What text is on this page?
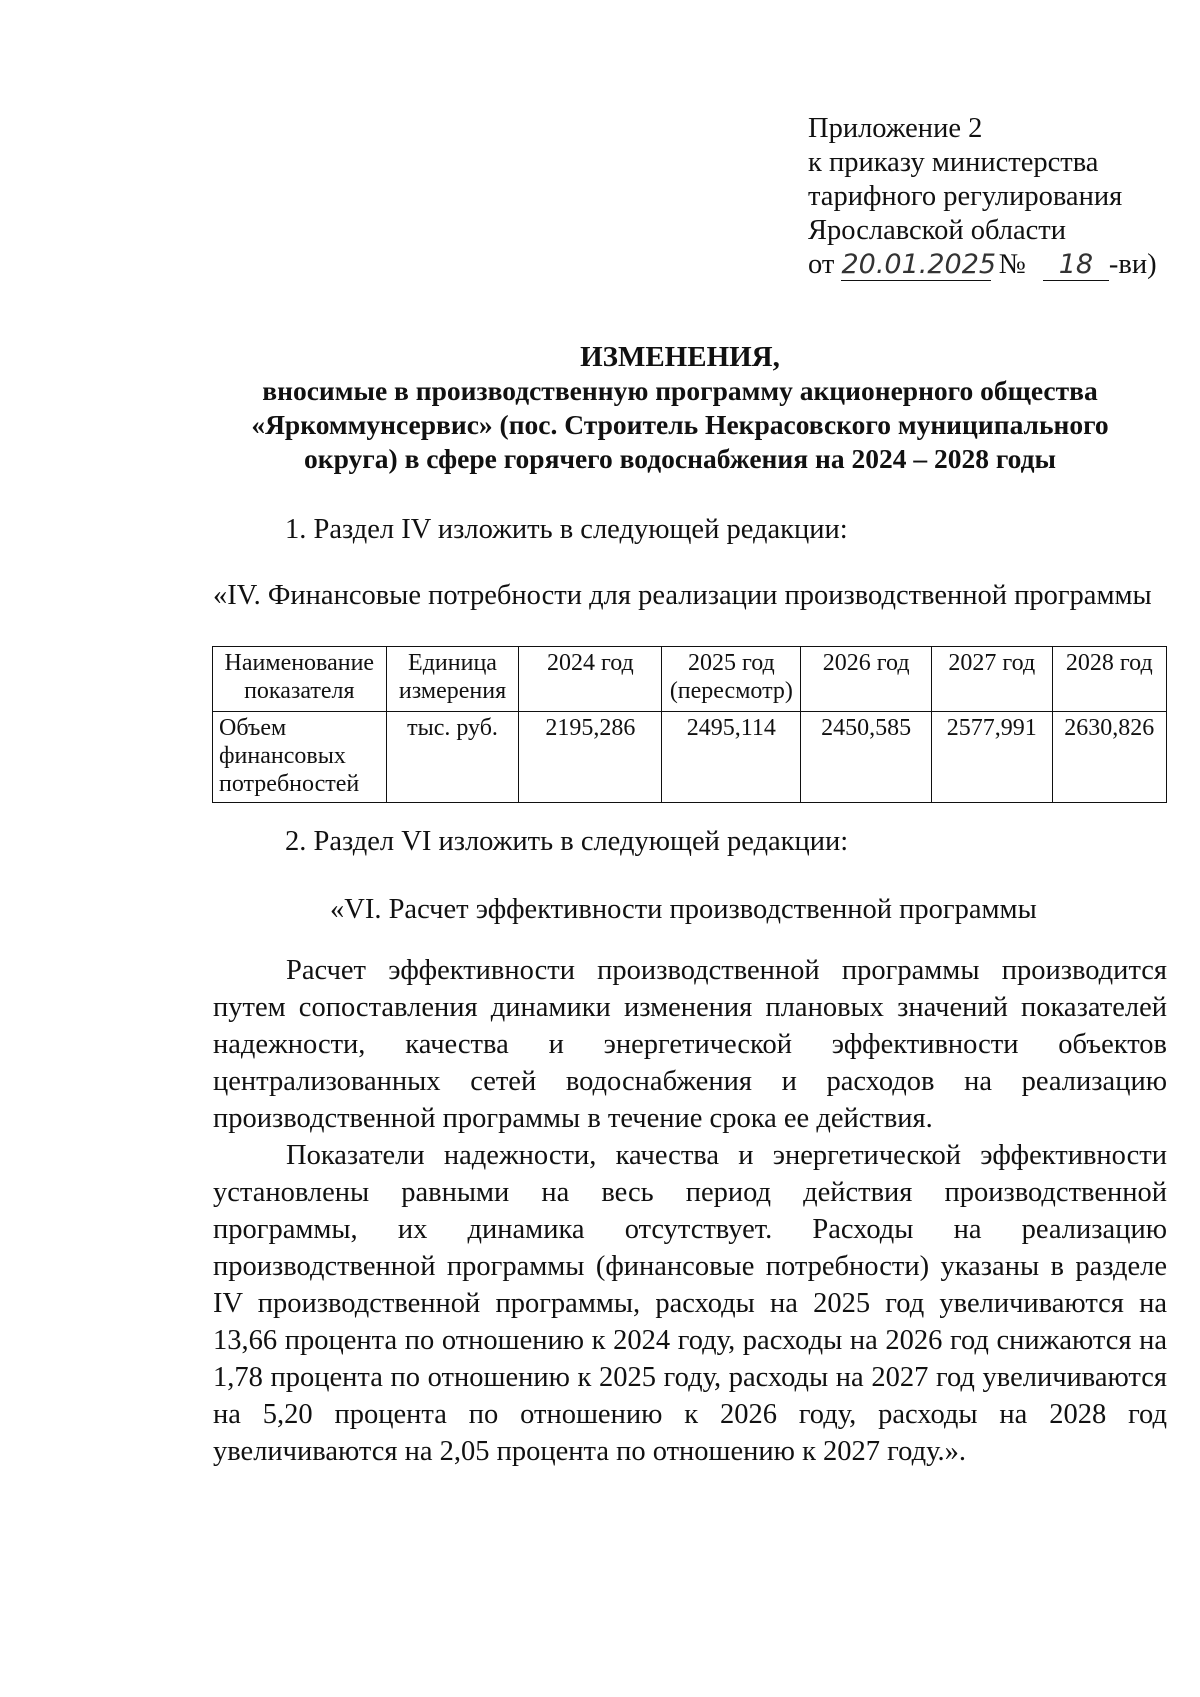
Приложение 2
к приказу министерства
тарифного регулирования
Ярославской области
от 20.01.2025 № 18 -ви)
ИЗМЕНЕНИЯ,
вносимые в производственную программу акционерного общества
«Яркоммунсервис» (пос. Строитель Некрасовского муниципального
округа) в сфере горячего водоснабжения на 2024 – 2028 годы
1. Раздел IV изложить в следующей редакции:
«IV. Финансовые потребности для реализации производственной программы
Наименование показателя	Единица измерения	2024 год	2025 год (пересмотр)	2026 год	2027 год	2028 год
Объем финансовых потребностей	тыс. руб.	2195,286	2495,114	2450,585	2577,991	2630,826
2. Раздел VI изложить в следующей редакции:
«VI. Расчет эффективности производственной программы

Расчет эффективности производственной программы производится путем сопоставления динамики изменения плановых значений показателей надежности, качества и энергетической эффективности объектов централизованных сетей водоснабжения и расходов на реализацию производственной программы в течение срока ее действия.

Показатели надежности, качества и энергетической эффективности установлены равными на весь период действия производственной программы, их динамика отсутствует. Расходы на реализацию производственной программы (финансовые потребности) указаны в разделе IV производственной программы, расходы на 2025 год увеличиваются на 13,66 процента по отношению к 2024 году, расходы на 2026 год снижаются на 1,78 процента по отношению к 2025 году, расходы на 2027 год увеличиваются на 5,20 процента по отношению к 2026 году, расходы на 2028 год увеличиваются на 2,05 процента по отношению к 2027 году.».
